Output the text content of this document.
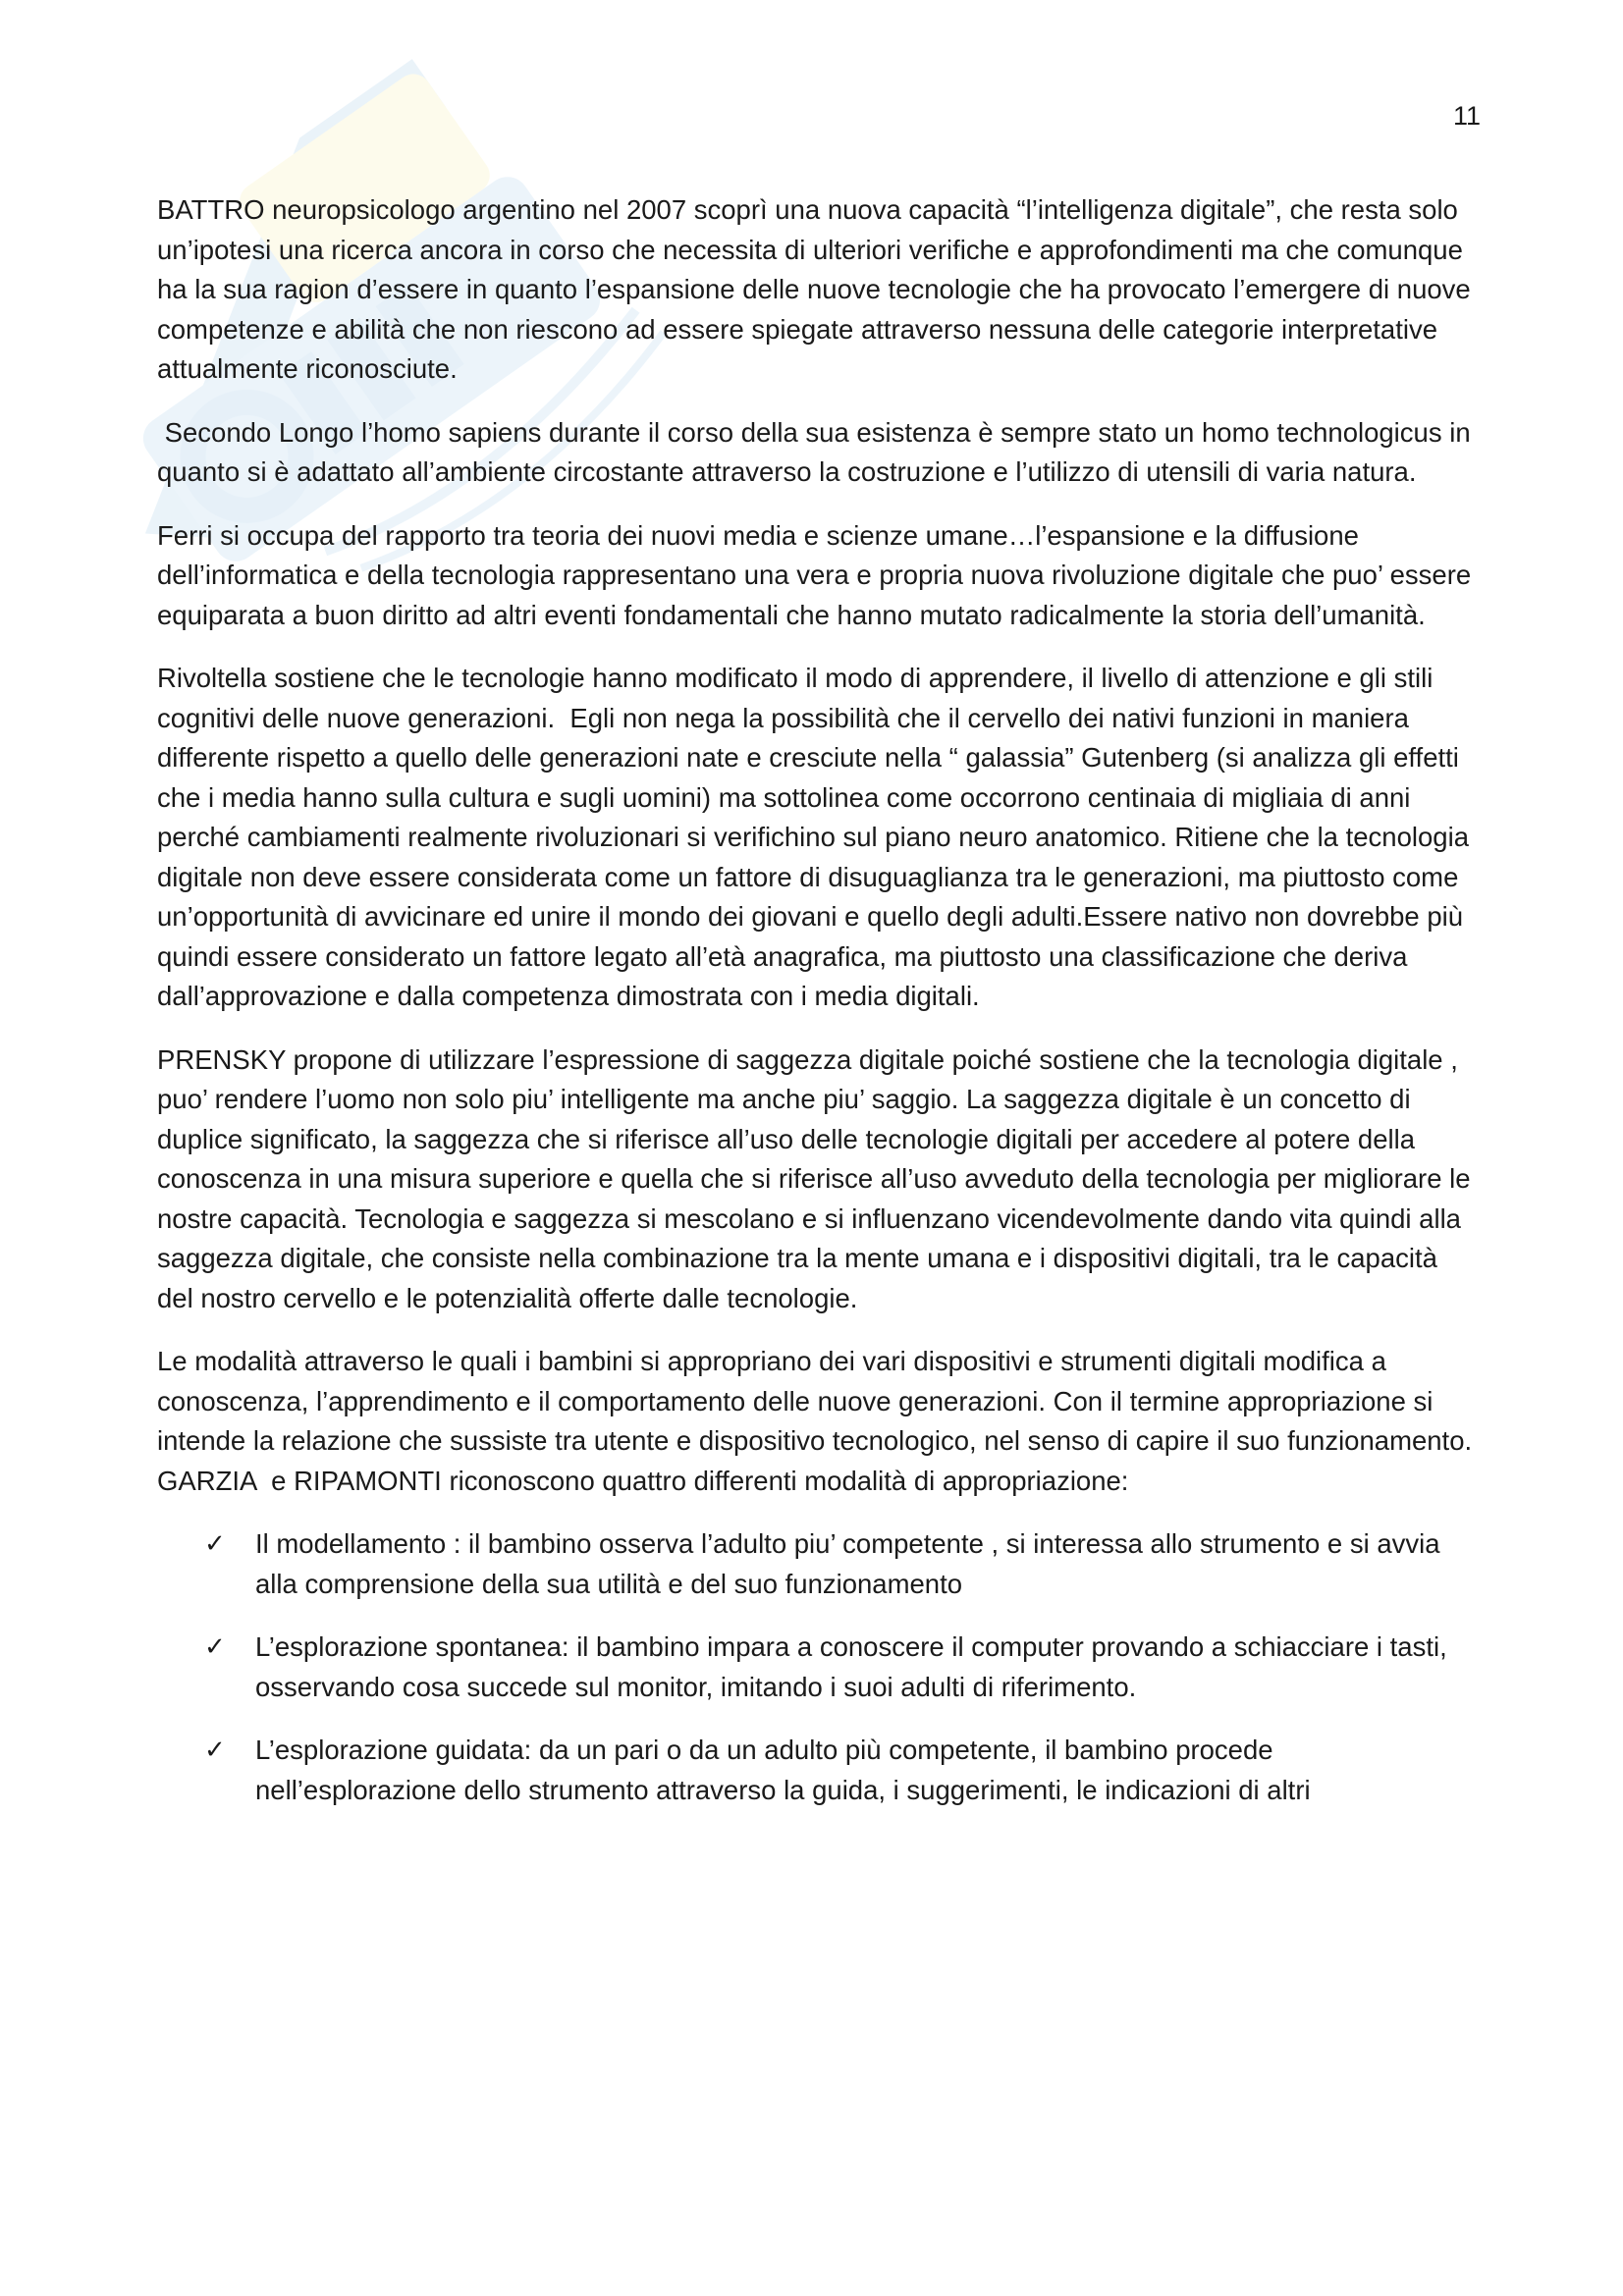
11

BATTRO neuropsicologo argentino nel 2007 scoprì una nuova capacità “l’intelligenza digitale”, che resta solo un’ipotesi una ricerca ancora in corso che necessita di ulteriori verifiche e approfondimenti ma che comunque ha la sua ragion d’essere in quanto l’espansione delle nuove tecnologie che ha provocato l’emergere di nuove competenze e abilità che non riescono ad essere spiegate attraverso nessuna delle categorie interpretative attualmente riconosciute.

Secondo Longo l’homo sapiens durante il corso della sua esistenza è sempre stato un homo technologicus in quanto si è adattato all’ambiente circostante attraverso la costruzione e l’utilizzo di utensili di varia natura.

Ferri si occupa del rapporto tra teoria dei nuovi media e scienze umane…l’espansione e la diffusione dell’informatica e della tecnologia rappresentano una vera e propria nuova rivoluzione digitale che puo’ essere equiparata a buon diritto ad altri eventi fondamentali che hanno mutato radicalmente la storia dell’umanità.

Rivoltella sostiene che le tecnologie hanno modificato il modo di apprendere, il livello di attenzione e gli stili cognitivi delle nuove generazioni.  Egli non nega la possibilità che il cervello dei nativi funzioni in maniera differente rispetto a quello delle generazioni nate e cresciute nella “ galassia” Gutenberg (si analizza gli effetti che i media hanno sulla cultura e sugli uomini) ma sottolinea come occorrono centinaia di migliaia di anni perché cambiamenti realmente rivoluzionari si verifichino sul piano neuro anatomico. Ritiene che la tecnologia digitale non deve essere considerata come un fattore di disuguaglianza tra le generazioni, ma piuttosto come un’opportunità di avvicinare ed unire il mondo dei giovani e quello degli adulti.Essere nativo non dovrebbe più quindi essere considerato un fattore legato all’età anagrafica, ma piuttosto una classificazione che deriva dall’approvazione e dalla competenza dimostrata con i media digitali.

PRENSKY propone di utilizzare l’espressione di saggezza digitale poiché sostiene che la tecnologia digitale , puo’ rendere l’uomo non solo piu’ intelligente ma anche piu’ saggio. La saggezza digitale è un concetto di duplice significato, la saggezza che si riferisce all’uso delle tecnologie digitali per accedere al potere della conoscenza in una misura superiore e quella che si riferisce all’uso avveduto della tecnologia per migliorare le nostre capacità. Tecnologia e saggezza si mescolano e si influenzano vicendevolmente dando vita quindi alla saggezza digitale, che consiste nella combinazione tra la mente umana e i dispositivi digitali, tra le capacità del nostro cervello e le potenzialità offerte dalle tecnologie.

Le modalità attraverso le quali i bambini si appropriano dei vari dispositivi e strumenti digitali modifica a conoscenza, l’apprendimento e il comportamento delle nuove generazioni. Con il termine appropriazione si intende la relazione che sussiste tra utente e dispositivo tecnologico, nel senso di capire il suo funzionamento.  GARZIA  e RIPAMONTI riconoscono quattro differenti modalità di appropriazione:

✓ Il modellamento : il bambino osserva l’adulto piu’ competente , si interessa allo strumento e si avvia alla comprensione della sua utilità e del suo funzionamento
✓ L’esplorazione spontanea: il bambino impara a conoscere il computer provando a schiacciare i tasti, osservando cosa succede sul monitor, imitando i suoi adulti di riferimento.
✓ L’esplorazione guidata: da un pari o da un adulto più competente, il bambino procede nell’esplorazione dello strumento attraverso la guida, i suggerimenti, le indicazioni di altri
